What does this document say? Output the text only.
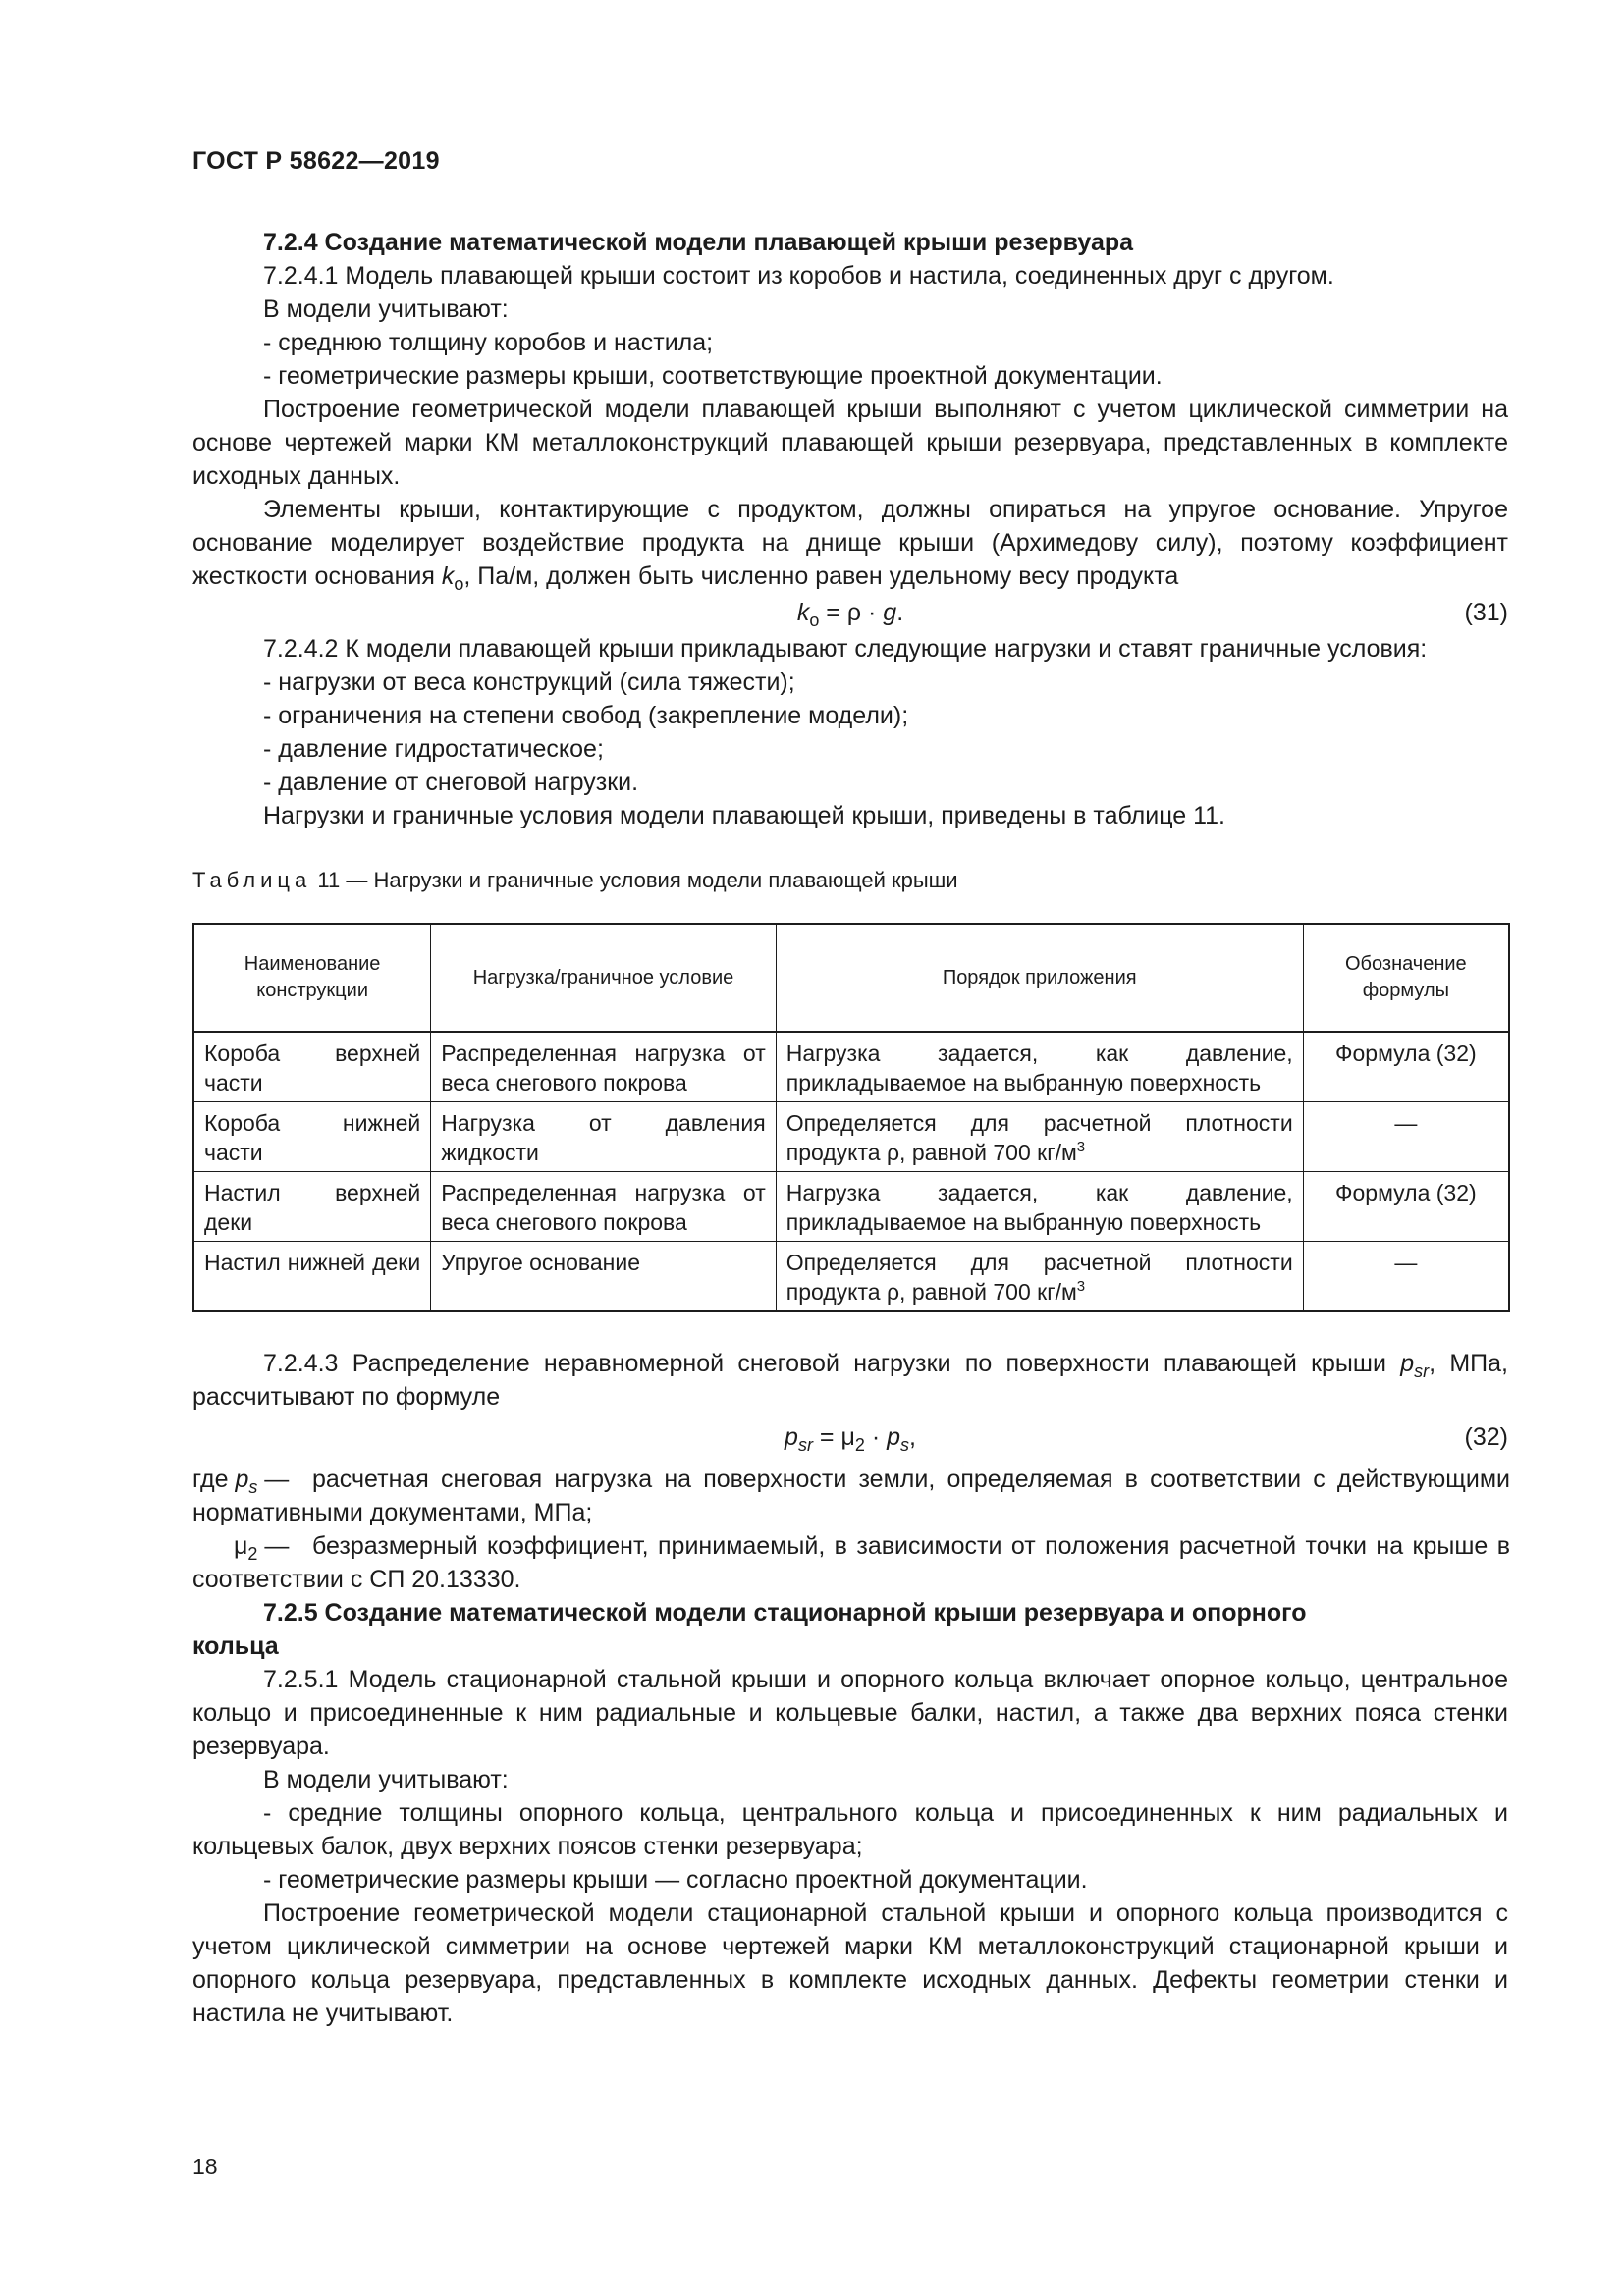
ГОСТ Р 58622—2019

7.2.4 Создание математической модели плавающей крыши резервуара

7.2.4.1 Модель плавающей крыши состоит из коробов и настила, соединенных друг с другом.

В модели учитывают:

- среднюю толщину коробов и настила;

- геометрические размеры крыши, соответствующие проектной документации.

Построение геометрической модели плавающей крыши выполняют с учетом циклической симметрии на основе чертежей марки КМ металлоконструкций плавающей крыши резервуара, представленных в комплекте исходных данных.

Элементы крыши, контактирующие с продуктом, должны опираться на упругое основание. Упругое основание моделирует воздействие продукта на днище крыши (Архимедову силу), поэтому коэффициент жесткости основания $k_o$, Па/м, должен быть численно равен удельному весу продукта

$k_o = \rho \cdot g$.	(31)

7.2.4.2 К модели плавающей крыши прикладывают следующие нагрузки и ставят граничные условия:

- нагрузки от веса конструкций (сила тяжести);

- ограничения на степени свобод (закрепление модели);

- давление гидростатическое;

- давление от снеговой нагрузки.

Нагрузки и граничные условия модели плавающей крыши, приведены в таблице 11.

Таблица 11 — Нагрузки и граничные условия модели плавающей крыши
Наименование конструкции	Нагрузка/граничное условие	Порядок приложения	Обозначение формулы
Короба верхней части	Распределенная нагрузка от веса снегового покрова	Нагрузка задается, как давление, прикладываемое на выбранную поверхность	Формула (32)
Короба нижней части	Нагрузка от давления жидкости	Определяется для расчетной плотности продукта ρ, равной 700 $кг/м^3$	—
Настил верхней деки	Распределенная нагрузка от веса снегового покрова	Нагрузка задается, как давление, прикладываемое на выбранную поверхность	Формула (32)
Настил нижней деки	Упругое основание	Определяется для расчетной плотности продукта ρ, равной 700 $кг/м^3$	—

7.2.4.3 Распределение неравномерной снеговой нагрузки по поверхности плавающей крыши $p_{sr}$, МПа, рассчитывают по формуле

$p_{sr} = \mu_2 \cdot p_s$,	(32)
где $p_s$ — расчетная снеговая нагрузка на поверхности земли, определяемая в соответствии с действующими нормативными документами, МПа;
$\mu_2$ — безразмерный коэффициент, принимаемый, в зависимости от положения расчетной точки на крыше в соответствии с СП 20.13330.

7.2.5 Создание математической модели стационарной крыши резервуара и опорного

кольца

7.2.5.1 Модель стационарной стальной крыши и опорного кольца включает опорное кольцо, центральное кольцо и присоединенные к ним радиальные и кольцевые балки, настил, а также два верхних пояса стенки резервуара.

В модели учитывают:

- средние толщины опорного кольца, центрального кольца и присоединенных к ним радиальных и кольцевых балок, двух верхних поясов стенки резервуара;

- геометрические размеры крыши — согласно проектной документации.

Построение геометрической модели стационарной стальной крыши и опорного кольца производится с учетом циклической симметрии на основе чертежей марки КМ металлоконструкций стационарной крыши и опорного кольца резервуара, представленных в комплекте исходных данных. Дефекты геометрии стенки и настила не учитывают.

18
